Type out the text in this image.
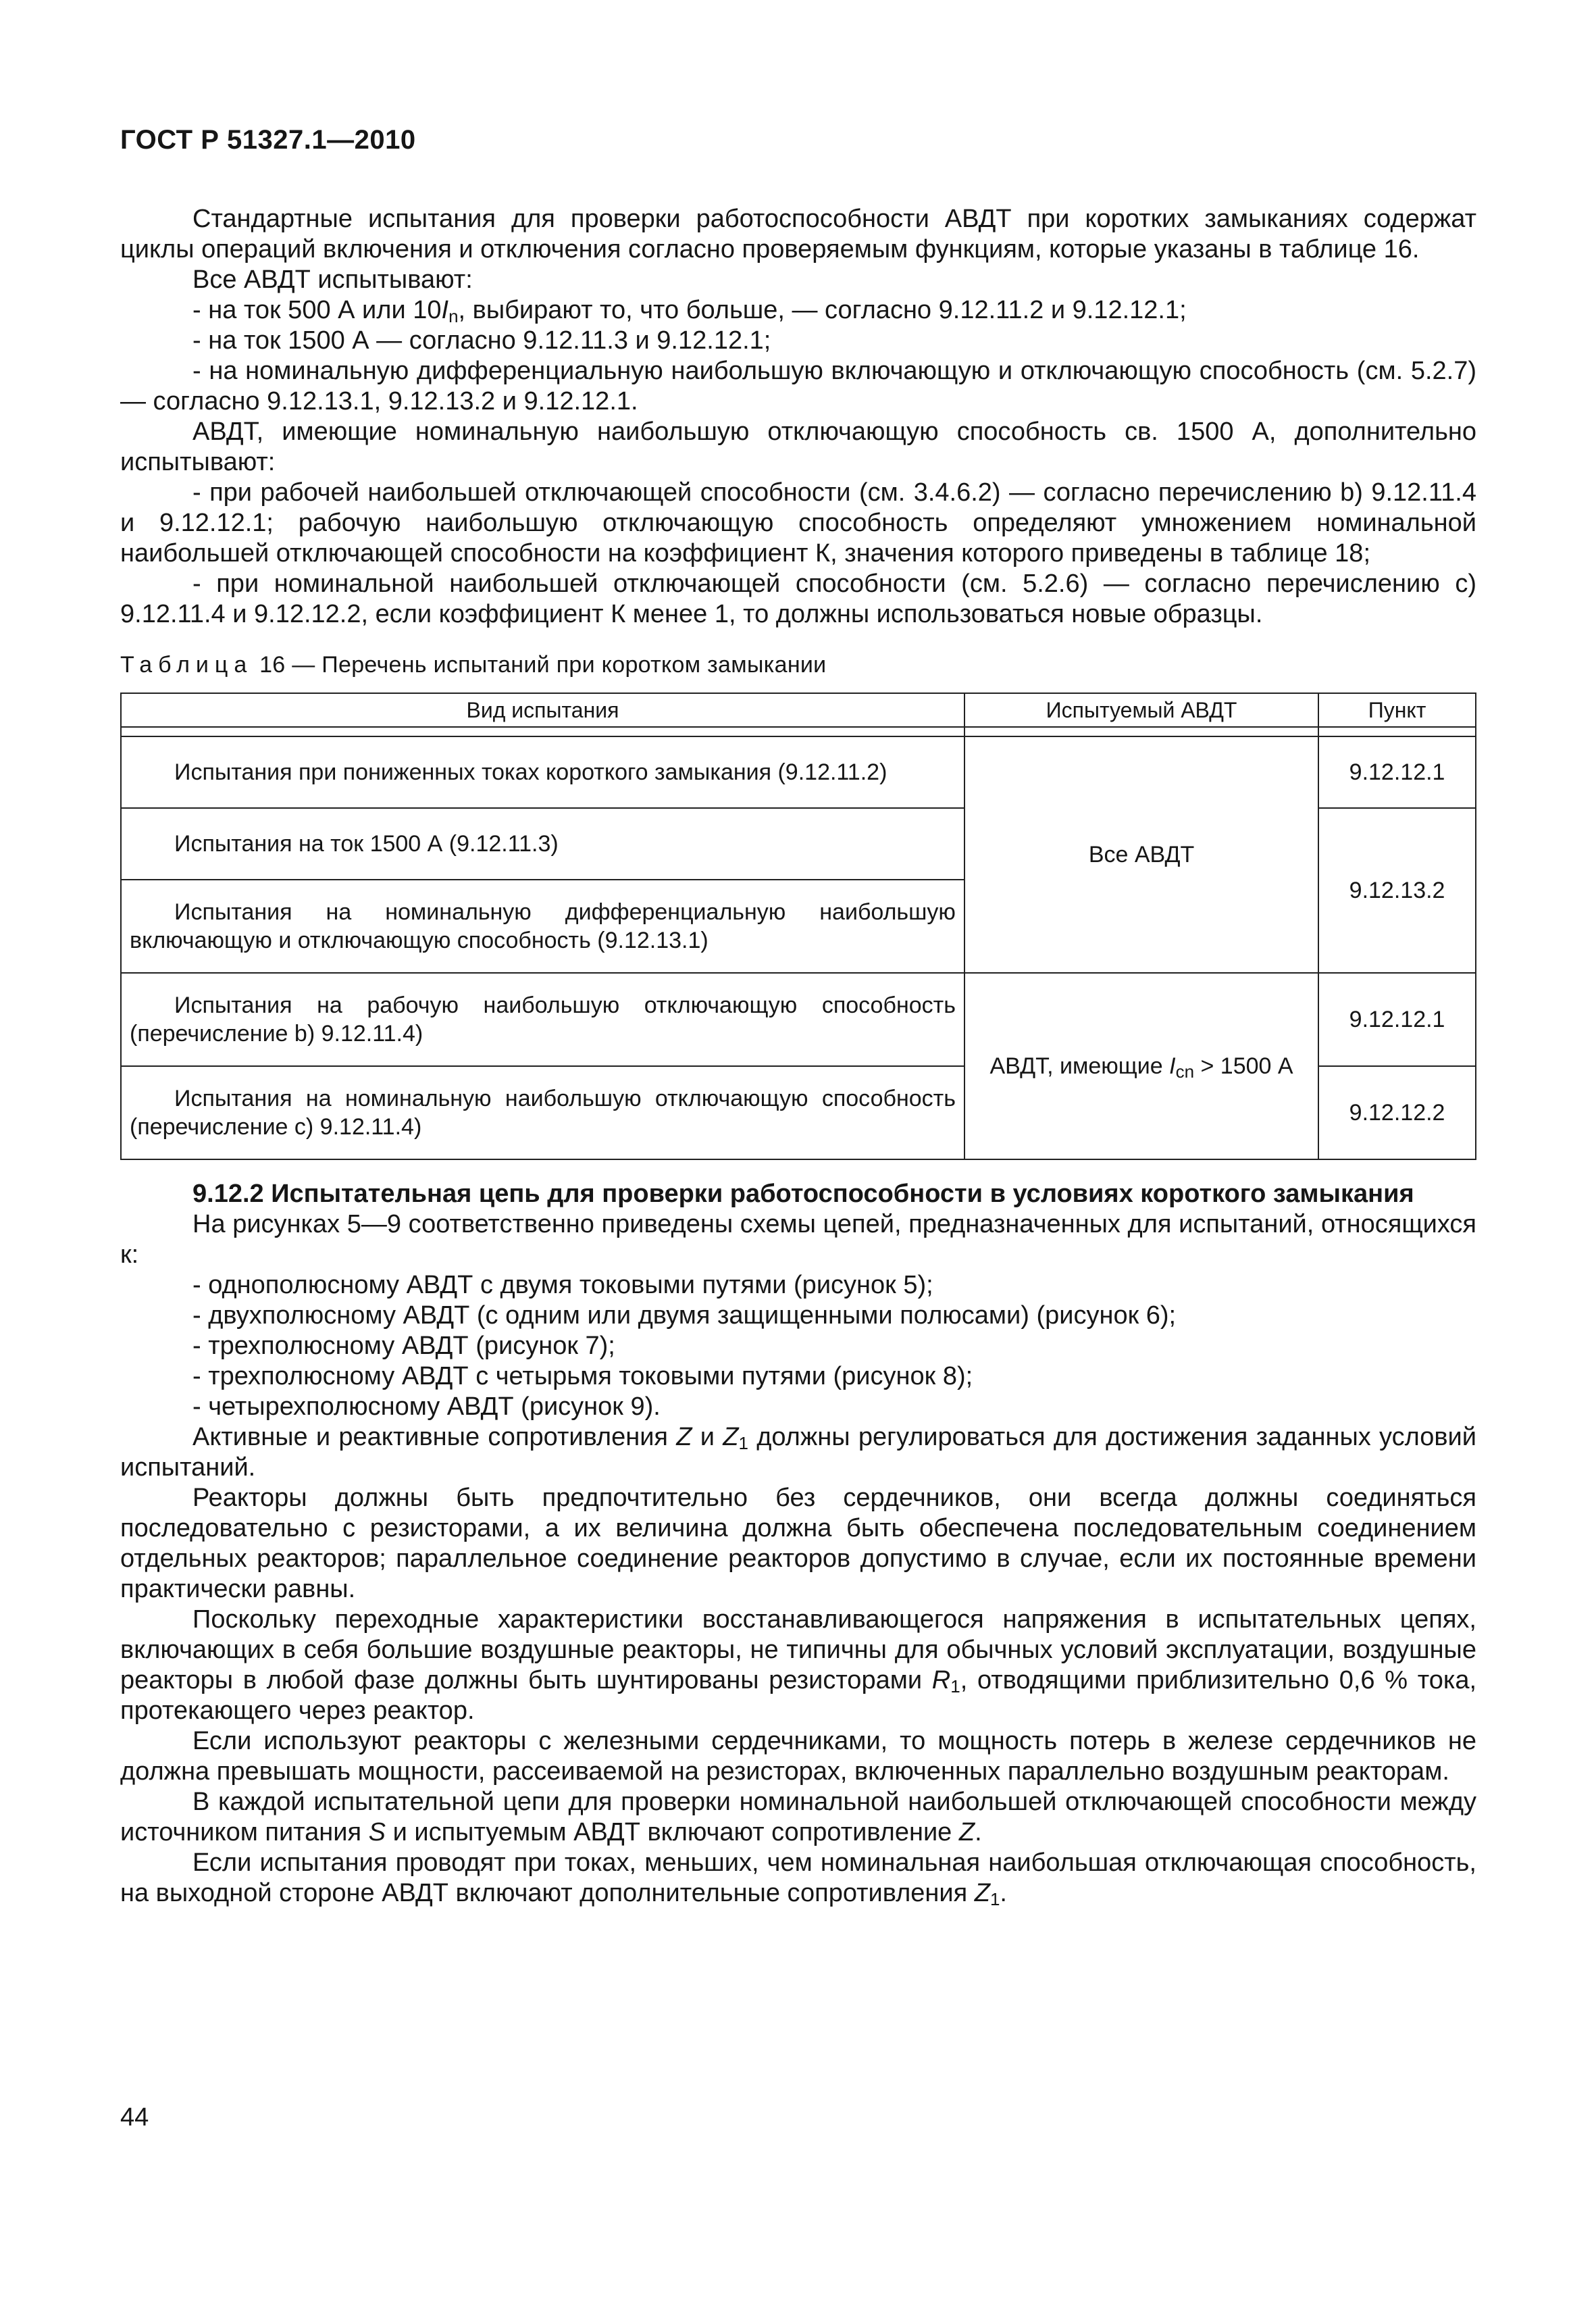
ГОСТ Р 51327.1—2010

Стандартные испытания для проверки работоспособности АВДТ при коротких замыканиях содержат циклы операций включения и отключения согласно проверяемым функциям, которые указаны в таблице 16.

Все АВДТ испытывают:

- на ток 500 А или $10I_n$, выбирают то, что больше, — согласно 9.12.11.2 и 9.12.12.1;

- на ток 1500 А — согласно 9.12.11.3 и 9.12.12.1;

- на номинальную дифференциальную наибольшую включающую и отключающую способность (см. 5.2.7) — согласно 9.12.13.1, 9.12.13.2 и 9.12.12.1.

АВДТ, имеющие номинальную наибольшую отключающую способность св. 1500 А, дополнительно испытывают:

- при рабочей наибольшей отключающей способности (см. 3.4.6.2) — согласно перечислению b) 9.12.11.4 и 9.12.12.1; рабочую наибольшую отключающую способность определяют умножением номинальной наибольшей отключающей способности на коэффициент К, значения которого приведены в таблице 18;

- при номинальной наибольшей отключающей способности (см. 5.2.6) — согласно перечислению с) 9.12.11.4 и 9.12.12.2, если коэффициент К менее 1, то должны использоваться новые образцы.

Таблица 16 — Перечень испытаний при коротком замыкании
Вид испытания	Испытуемый АВДТ	Пункт

Испытания при пониженных токах короткого замыкания (9.12.11.2)	Все АВДТ	9.12.12.1
Испытания на ток 1500 А (9.12.11.3)		9.12.13.2
Испытания на номинальную дифференциальную наибольшую включающую и отключающую способность (9.12.13.1)		
Испытания на рабочую наибольшую отключающую способность (перечисление b) 9.12.11.4)	АВДТ, имеющие $I_{cn} > 1500$ А	9.12.12.1
Испытания на номинальную наибольшую отключающую способность (перечисление с) 9.12.11.4)		9.12.12.2

9.12.2 Испытательная цепь для проверки работоспособности в условиях короткого замыкания

На рисунках 5—9 соответственно приведены схемы цепей, предназначенных для испытаний, относящихся к:

- однополюсному АВДТ с двумя токовыми путями (рисунок 5);

- двухполюсному АВДТ (с одним или двумя защищенными полюсами) (рисунок 6);

- трехполюсному АВДТ (рисунок 7);

- трехполюсному АВДТ с четырьмя токовыми путями (рисунок 8);

- четырехполюсному АВДТ (рисунок 9).

Активные и реактивные сопротивления Z и $Z_1$ должны регулироваться для достижения заданных условий испытаний.

Реакторы должны быть предпочтительно без сердечников, они всегда должны соединяться последовательно с резисторами, а их величина должна быть обеспечена последовательным соединением отдельных реакторов; параллельное соединение реакторов допустимо в случае, если их постоянные времени практически равны.

Поскольку переходные характеристики восстанавливающегося напряжения в испытательных цепях, включающих в себя большие воздушные реакторы, не типичны для обычных условий эксплуатации, воздушные реакторы в любой фазе должны быть шунтированы резисторами $R_1$, отводящими приблизительно 0,6 % тока, протекающего через реактор.

Если используют реакторы с железными сердечниками, то мощность потерь в железе сердечников не должна превышать мощности, рассеиваемой на резисторах, включенных параллельно воздушным реакторам.

В каждой испытательной цепи для проверки номинальной наибольшей отключающей способности между источником питания S и испытуемым АВДТ включают сопротивление Z.

Если испытания проводят при токах, меньших, чем номинальная наибольшая отключающая способность, на выходной стороне АВДТ включают дополнительные сопротивления $Z_1$.

44
